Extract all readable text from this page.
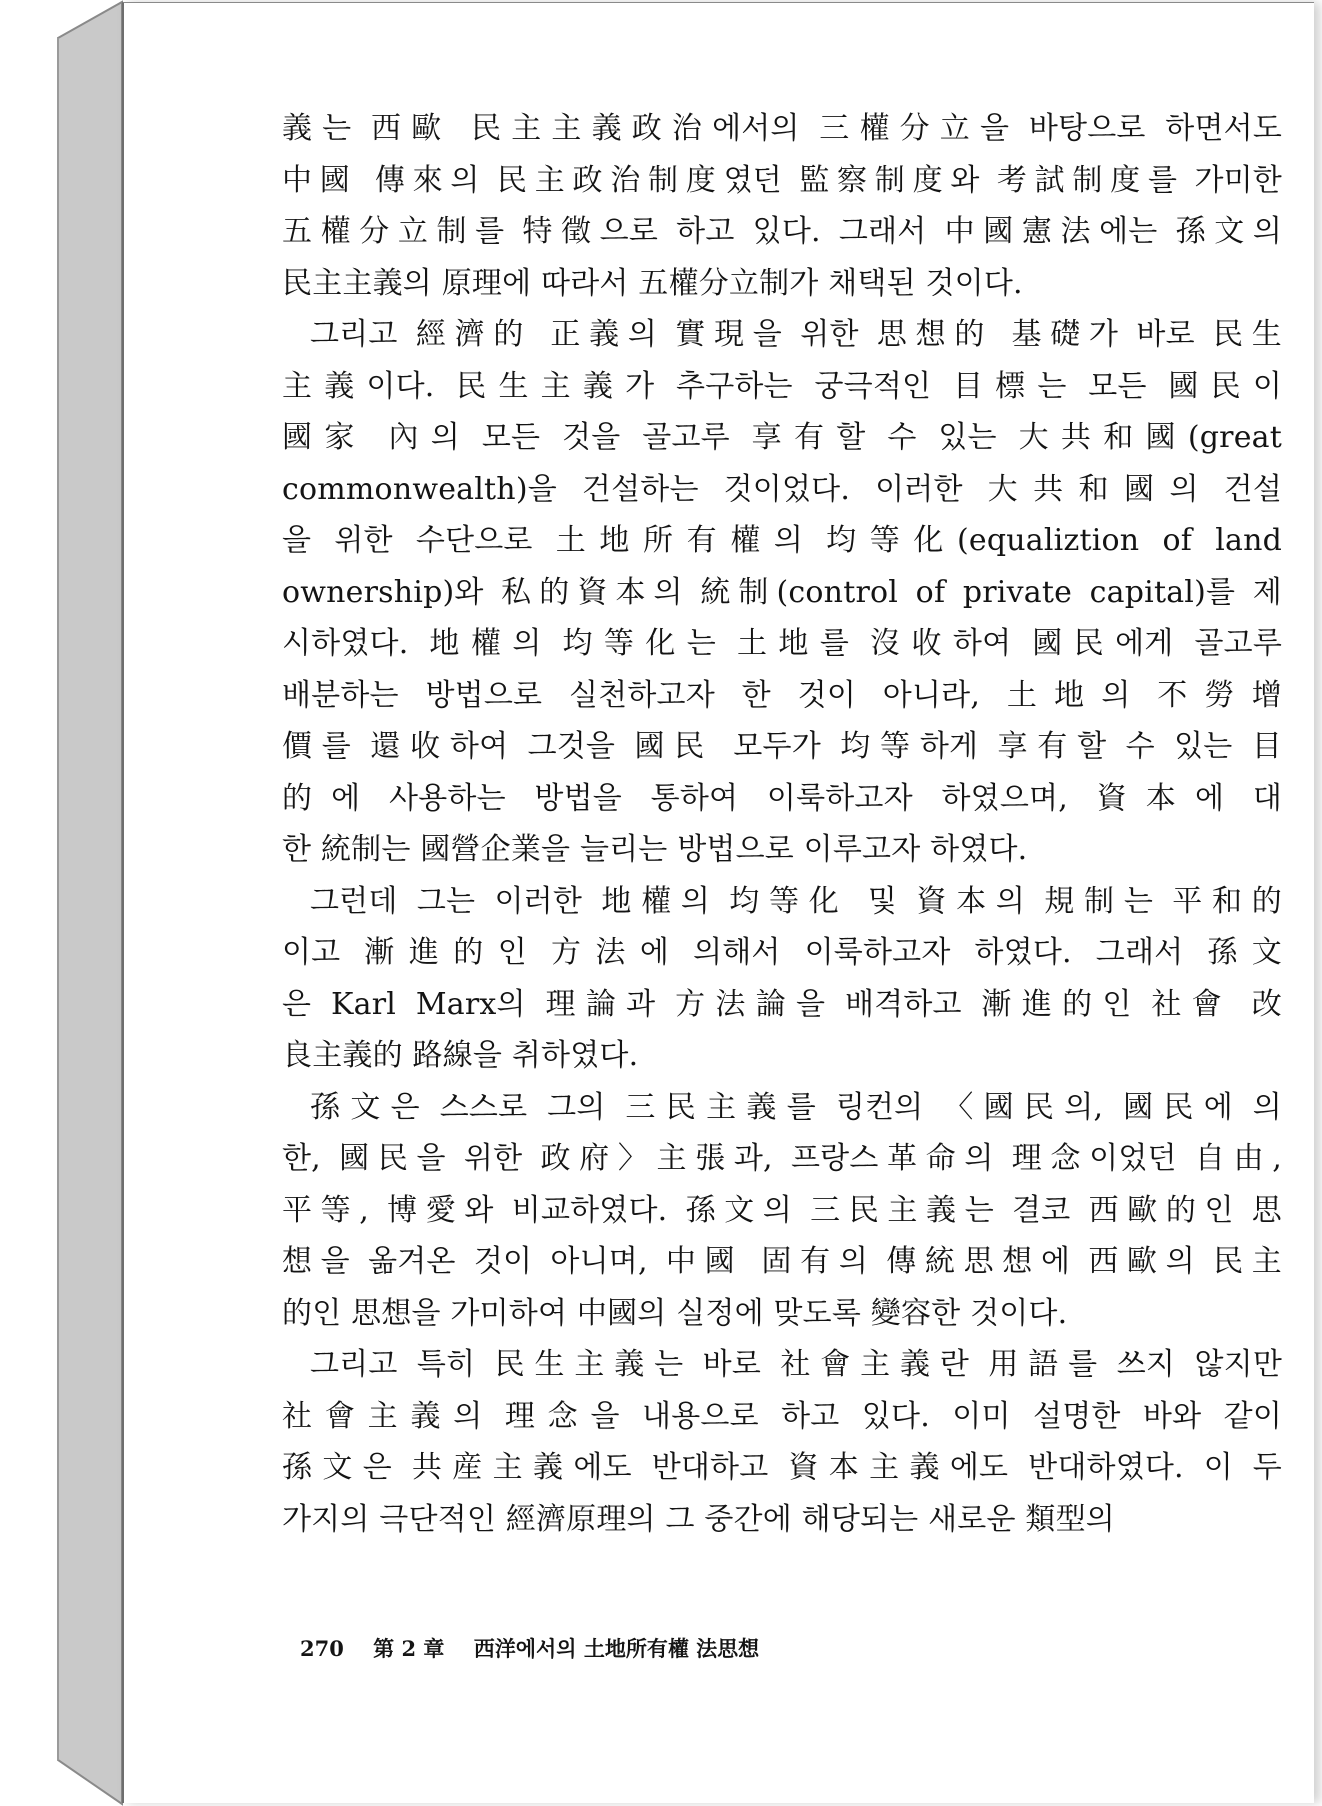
義는 西歐 民主主義政治에서의 三權分立을 바탕으로 하면서도
中國 傳來의 民主政治制度였던 監察制度와 考試制度를 가미한
五權分立制를 特徵으로 하고 있다. 그래서 中國憲法에는 孫文의
民主主義의 原理에 따라서 五權分立制가 채택된 것이다.
그리고 經濟的 正義의 實現을 위한 思想的 基礎가 바로 民生
主義이다. 民生主義가 추구하는 궁극적인 目標는 모든 國民이
國家 內의 모든 것을 골고루 享有할 수 있는 大共和國(great
commonwealth)을 건설하는 것이었다. 이러한 大共和國의 건설
을 위한 수단으로 土地所有權의 均等化(equaliztion of land
ownership)와 私的資本의 統制(control of private capital)를 제
시하였다. 地權의 均等化는 土地를 沒收하여 國民에게 골고루
배분하는 방법으로 실천하고자 한 것이 아니라, 土地의 不勞增
價를 還收하여 그것을 國民 모두가 均等하게 享有할 수 있는 目
的에 사용하는 방법을 통하여 이룩하고자 하였으며, 資本에 대
한 統制는 國營企業을 늘리는 방법으로 이루고자 하였다.
그런데 그는 이러한 地權의 均等化 및 資本의 規制는 平和的
이고 漸進的인 方法에 의해서 이룩하고자 하였다. 그래서 孫文
은 Karl Marx의 理論과 方法論을 배격하고 漸進的인 社會 改
良主義的 路線을 취하였다.
孫文은 스스로 그의 三民主義를 링컨의 〈國民의, 國民에 의
한, 國民을 위한 政府〉主張과, 프랑스革命의 理念이었던 自由,
平等, 博愛와 비교하였다. 孫文의 三民主義는 결코 西歐的인 思
想을 옮겨온 것이 아니며, 中國 固有의 傳統思想에 西歐의 民主
的인 思想을 가미하여 中國의 실정에 맞도록 變容한 것이다.
그리고 특히 民生主義는 바로 社會主義란 用語를 쓰지 않지만
社會主義의 理念을 내용으로 하고 있다. 이미 설명한 바와 같이
孫文은 共産主義에도 반대하고 資本主義에도 반대하였다. 이 두
가지의 극단적인 經濟原理의 그 중간에 해당되는 새로운 類型의
270 第 2 章 西洋에서의 土地所有權 法思想
